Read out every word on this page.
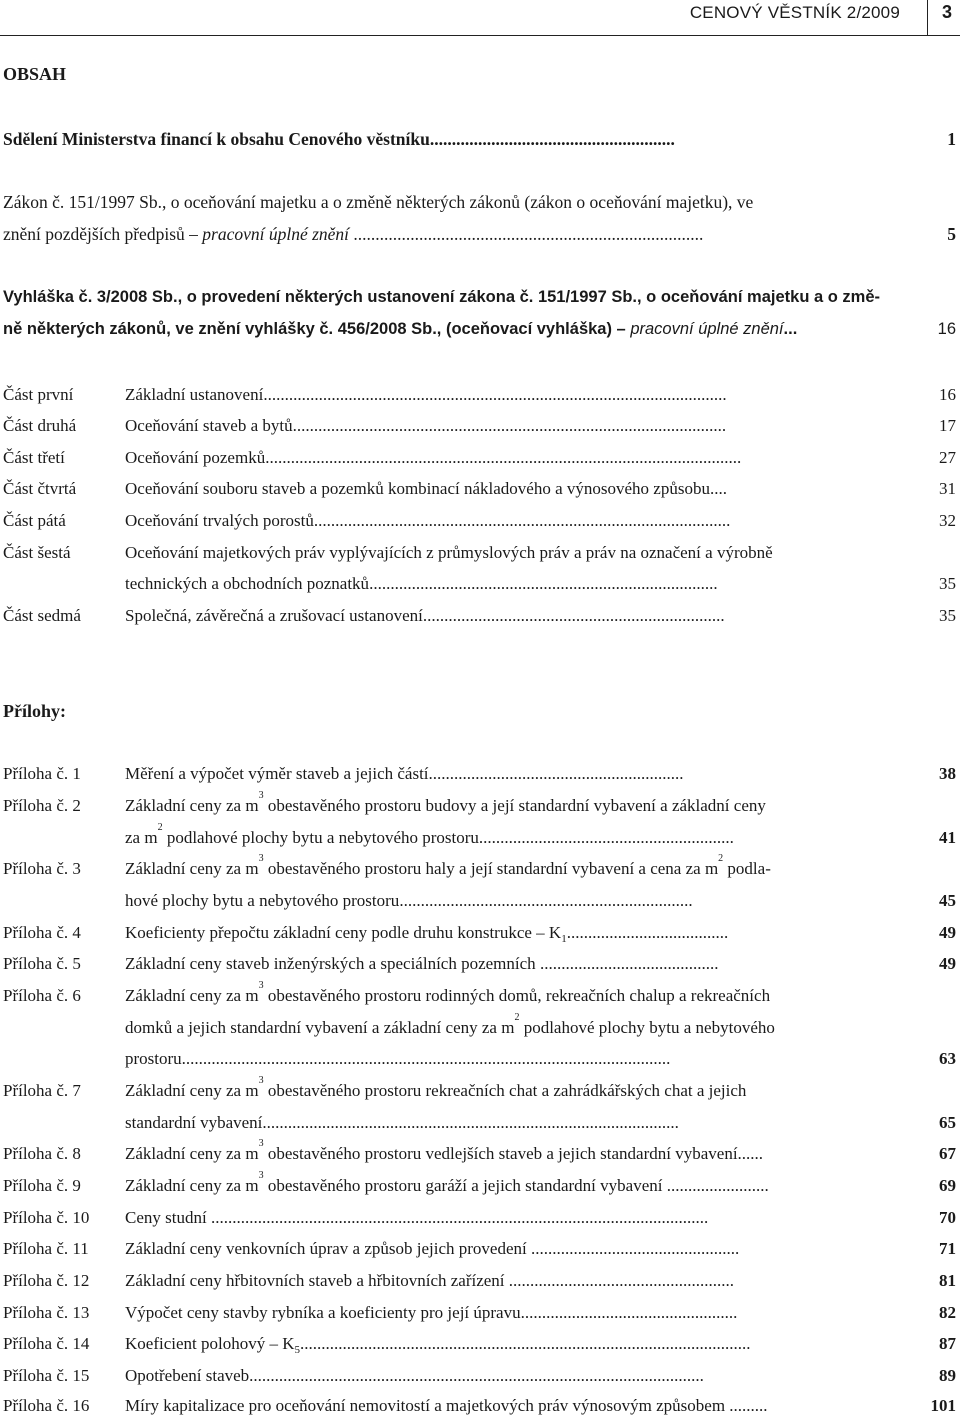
CENOVÝ VĚSTNÍK 2/2009 3
OBSAH
Sdělení Ministerstva financí k obsahu Cenového věstníku........................................................	1
Zákon č. 151/1997 Sb., o oceňování majetku a o změně některých zákonů (zákon o oceňování majetku), ve
znění pozdějších předpisů – pracovní úplné znění ................................................................................	5
Vyhláška č. 3/2008 Sb., o provedení některých ustanovení zákona č. 151/1997 Sb., o oceňování majetku a o změ-
ně některých zákonů, ve znění vyhlášky č. 456/2008 Sb., (oceňovací vyhláška) – pracovní úplné znění...	16
Část první	Základní ustanovení.............................................................................................................	16
Část druhá	Oceňování staveb a bytů......................................................................................................	17
Část třetí	Oceňování pozemků................................................................................................................	27
Část čtvrtá	Oceňování souboru staveb a pozemků kombinací nákladového a výnosového způsobu....	31
Část pátá	Oceňování trvalých porostů..................................................................................................	32
Část šestá	Oceňování majetkových práv vyplývajících z průmyslových práv a práv na označení a výrobně
technických a obchodních poznatků..................................................................................	35
Část sedmá	Společná, závěrečná a zrušovací ustanovení.......................................................................	35
Přílohy:
Příloha č. 1	Měření a výpočet výměr staveb a jejich částí............................................................	38
Příloha č. 2	Základní ceny za $m^3$ obestavěného prostoru budovy a její standardní vybavení a základní ceny
za $m^2$ podlahové plochy bytu a nebytového prostoru............................................................	41
Příloha č. 3	Základní ceny za $m^3$ obestavěného prostoru haly a její standardní vybavení a cena za $m^2$ podla-
hové plochy bytu a nebytového prostoru.....................................................................	45
Příloha č. 4	Koeficienty přepočtu základní ceny podle druhu konstrukce – $K_1$......................................	49
Příloha č. 5	Základní ceny staveb inženýrských a speciálních pozemních ..........................................	49
Příloha č. 6	Základní ceny za $m^3$ obestavěného prostoru rodinných domů, rekreačních chalup a rekreačních
domků a jejich standardní vybavení a základní ceny za $m^2$ podlahové plochy bytu a nebytového
prostoru...................................................................................................................	63
Příloha č. 7	Základní ceny za $m^3$ obestavěného prostoru rekreačních chat a zahrádkářských chat a jejich
standardní vybavení..................................................................................................	65
Příloha č. 8	Základní ceny za $m^3$ obestavěného prostoru vedlejších staveb a jejich standardní vybavení......	67
Příloha č. 9	Základní ceny za $m^3$ obestavěného prostoru garáží a jejich standardní vybavení ........................	69
Příloha č. 10 Ceny studní .....................................................................................................................	70
Příloha č. 11 Základní ceny venkovních úprav a způsob jejich provedení .................................................	71
Příloha č. 12 Základní ceny hřbitovních staveb a hřbitovních zařízení .....................................................	81
Příloha č. 13 Výpočet ceny stavby rybníka a koeficienty pro její úpravu...................................................	82
Příloha č. 14 Koeficient polohový – $K_5$..........................................................................................................	87
Příloha č. 15 Opotřebení staveb...........................................................................................................	89
Příloha č. 16 Míry kapitalizace pro oceňování nemovitostí a majetkových práv výnosovým způsobem .........	101
